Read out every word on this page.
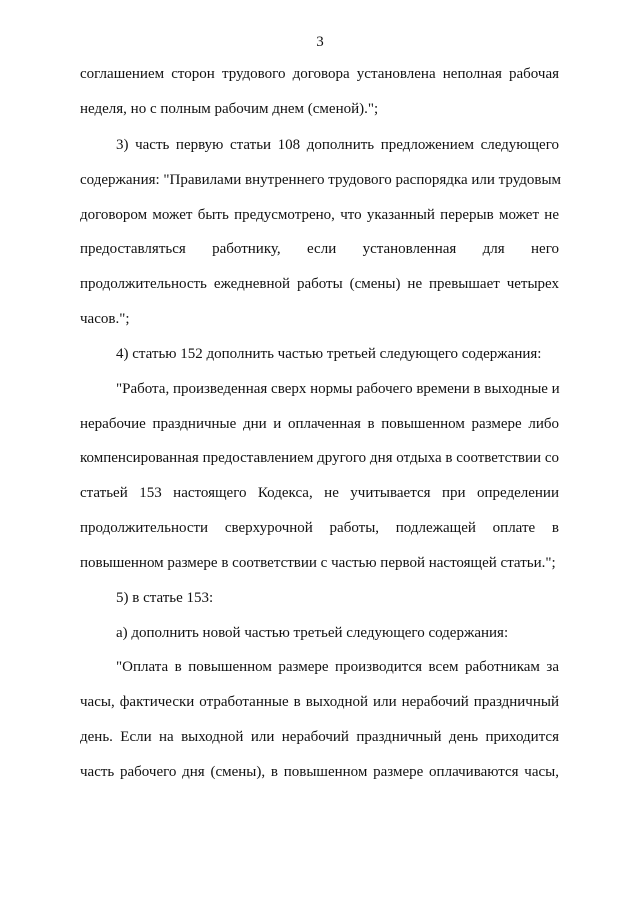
3
соглашением сторон трудового договора установлена неполная рабочая
неделя, но с полным рабочим днем (сменой).";
3) часть первую статьи 108 дополнить предложением следующего
содержания: "Правилами внутреннего трудового распорядка или трудовым
договором может быть предусмотрено, что указанный перерыв может не
предоставляться работнику, если установленная для него
продолжительность ежедневной работы (смены) не превышает четырех
часов.";
4) статью 152 дополнить частью третьей следующего содержания:
"Работа, произведенная сверх нормы рабочего времени в выходные и
нерабочие праздничные дни и оплаченная в повышенном размере либо
компенсированная предоставлением другого дня отдыха в соответствии со
статьей 153 настоящего Кодекса, не учитывается при определении
продолжительности сверхурочной работы, подлежащей оплате в
повышенном размере в соответствии с частью первой настоящей статьи.";
5) в статье 153:
а) дополнить новой частью третьей следующего содержания:
"Оплата в повышенном размере производится всем работникам за
часы, фактически отработанные в выходной или нерабочий праздничный
день. Если на выходной или нерабочий праздничный день приходится
часть рабочего дня (смены), в повышенном размере оплачиваются часы,
